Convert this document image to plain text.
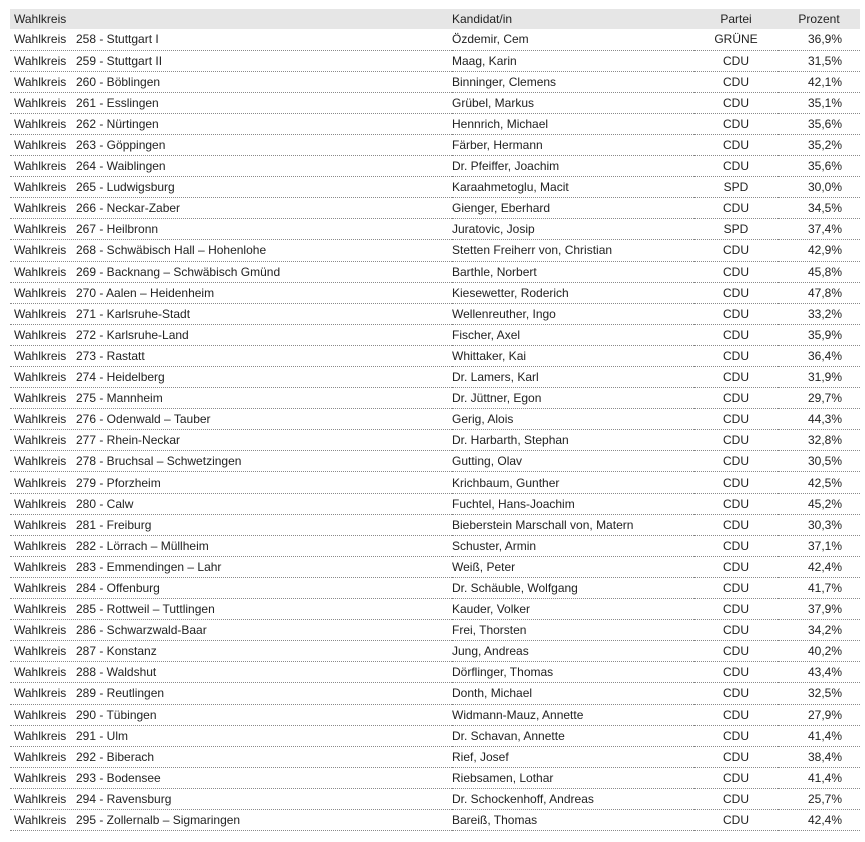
Wahlkreis	Kandidat/in	Partei	Prozent
Wahlkreis 258 - Stuttgart I	Özdemir, Cem	GRÜNE	36,9%
Wahlkreis 259 - Stuttgart II	Maag, Karin	CDU	31,5%
Wahlkreis 260 - Böblingen	Binninger, Clemens	CDU	42,1%
Wahlkreis 261 - Esslingen	Grübel, Markus	CDU	35,1%
Wahlkreis 262 - Nürtingen	Hennrich, Michael	CDU	35,6%
Wahlkreis 263 - Göppingen	Färber, Hermann	CDU	35,2%
Wahlkreis 264 - Waiblingen	Dr. Pfeiffer, Joachim	CDU	35,6%
Wahlkreis 265 - Ludwigsburg	Karaahmetoglu, Macit	SPD	30,0%
Wahlkreis 266 - Neckar-Zaber	Gienger, Eberhard	CDU	34,5%
Wahlkreis 267 - Heilbronn	Juratovic, Josip	SPD	37,4%
Wahlkreis 268 - Schwäbisch Hall – Hohenlohe	Stetten Freiherr von, Christian	CDU	42,9%
Wahlkreis 269 - Backnang – Schwäbisch Gmünd	Barthle, Norbert	CDU	45,8%
Wahlkreis 270 - Aalen – Heidenheim	Kiesewetter, Roderich	CDU	47,8%
Wahlkreis 271 - Karlsruhe-Stadt	Wellenreuther, Ingo	CDU	33,2%
Wahlkreis 272 - Karlsruhe-Land	Fischer, Axel	CDU	35,9%
Wahlkreis 273 - Rastatt	Whittaker, Kai	CDU	36,4%
Wahlkreis 274 - Heidelberg	Dr. Lamers, Karl	CDU	31,9%
Wahlkreis 275 - Mannheim	Dr. Jüttner, Egon	CDU	29,7%
Wahlkreis 276 - Odenwald – Tauber	Gerig, Alois	CDU	44,3%
Wahlkreis 277 - Rhein-Neckar	Dr. Harbarth, Stephan	CDU	32,8%
Wahlkreis 278 - Bruchsal – Schwetzingen	Gutting, Olav	CDU	30,5%
Wahlkreis 279 - Pforzheim	Krichbaum, Gunther	CDU	42,5%
Wahlkreis 280 - Calw	Fuchtel, Hans-Joachim	CDU	45,2%
Wahlkreis 281 - Freiburg	Bieberstein Marschall von, Matern	CDU	30,3%
Wahlkreis 282 - Lörrach – Müllheim	Schuster, Armin	CDU	37,1%
Wahlkreis 283 - Emmendingen – Lahr	Weiß, Peter	CDU	42,4%
Wahlkreis 284 - Offenburg	Dr. Schäuble, Wolfgang	CDU	41,7%
Wahlkreis 285 - Rottweil – Tuttlingen	Kauder, Volker	CDU	37,9%
Wahlkreis 286 - Schwarzwald-Baar	Frei, Thorsten	CDU	34,2%
Wahlkreis 287 - Konstanz	Jung, Andreas	CDU	40,2%
Wahlkreis 288 - Waldshut	Dörflinger, Thomas	CDU	43,4%
Wahlkreis 289 - Reutlingen	Donth, Michael	CDU	32,5%
Wahlkreis 290 - Tübingen	Widmann-Mauz, Annette	CDU	27,9%
Wahlkreis 291 - Ulm	Dr. Schavan, Annette	CDU	41,4%
Wahlkreis 292 - Biberach	Rief, Josef	CDU	38,4%
Wahlkreis 293 - Bodensee	Riebsamen, Lothar	CDU	41,4%
Wahlkreis 294 - Ravensburg	Dr. Schockenhoff, Andreas	CDU	25,7%
Wahlkreis 295 - Zollernalb – Sigmaringen	Bareiß, Thomas	CDU	42,4%
